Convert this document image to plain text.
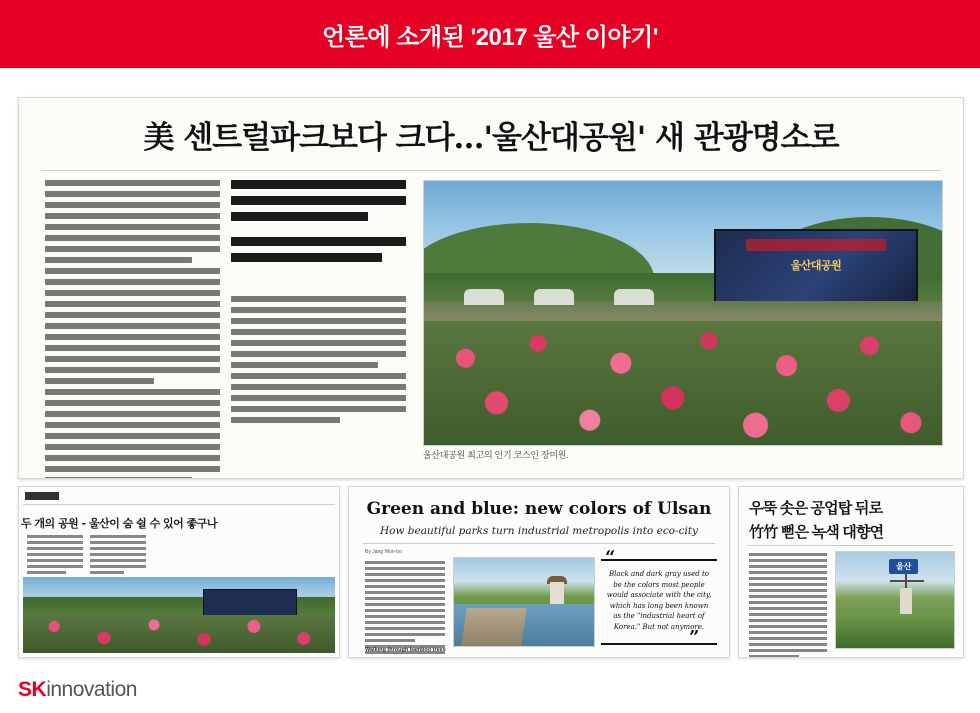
언론에 소개된 '2017 울산 이야기'
美 센트럴파크보다 크다…'울산대공원' 새 관광명소로
울산대공원
울산대공원 최고의 인기 코스인 장미원.
두 개의 공원 - 울산이 숨 쉴 수 있어 좋구나
Green and blue: new colors of Ulsan
How beautiful parks turn industrial metropolis into eco-city
By Jang Won-bo	“
Black and dark gray used to be the colors most people would associate with the city, which has long been known as the "industrial heart of Korea." But not anymore.
”
Walking through bamboo trees
우뚝 솟은 공업탑 뒤로
竹竹 뻗은 녹색 대향연
울산
SKinnovation
